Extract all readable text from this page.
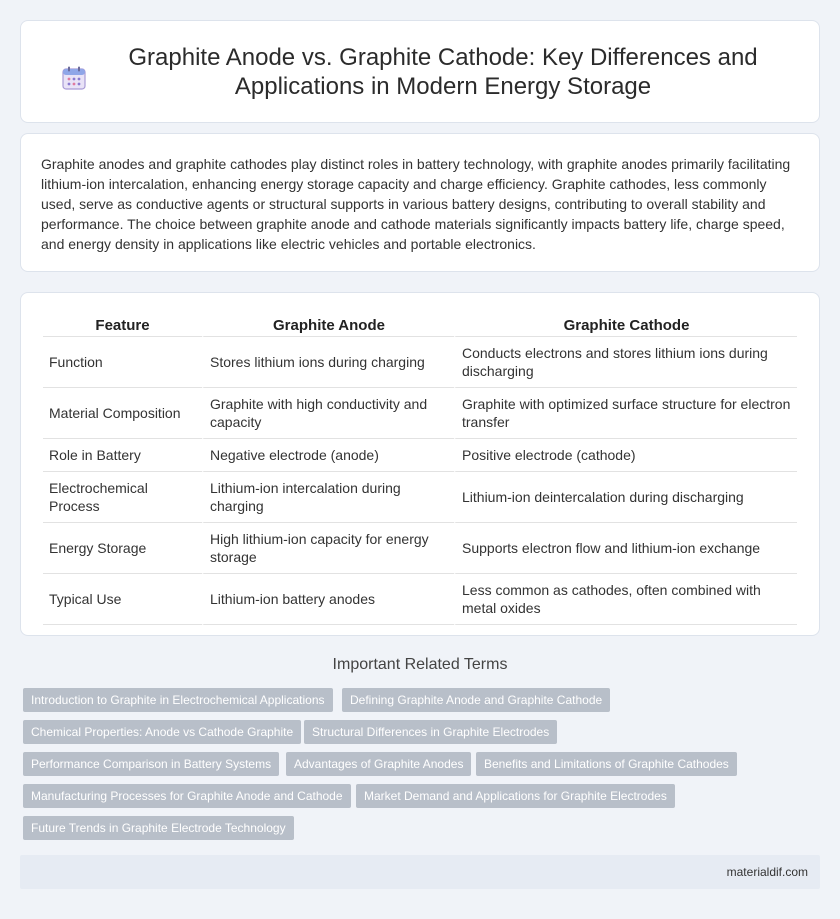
Graphite Anode vs. Graphite Cathode: Key Differences and Applications in Modern Energy Storage

Graphite anodes and graphite cathodes play distinct roles in battery technology, with graphite anodes primarily facilitating lithium-ion intercalation, enhancing energy storage capacity and charge efficiency. Graphite cathodes, less commonly used, serve as conductive agents or structural supports in various battery designs, contributing to overall stability and performance. The choice between graphite anode and cathode materials significantly impacts battery life, charge speed, and energy density in applications like electric vehicles and portable electronics.

Feature	Graphite Anode	Graphite Cathode
Function	Stores lithium ions during charging	Conducts electrons and stores lithium ions during discharging
Material Composition	Graphite with high conductivity and capacity	Graphite with optimized surface structure for electron transfer
Role in Battery	Negative electrode (anode)	Positive electrode (cathode)
Electrochemical Process	Lithium-ion intercalation during charging	Lithium-ion deintercalation during discharging
Energy Storage	High lithium-ion capacity for energy storage	Supports electron flow and lithium-ion exchange
Typical Use	Lithium-ion battery anodes	Less common as cathodes, often combined with metal oxides
Important Related Terms
Introduction to Graphite in Electrochemical Applications	Defining Graphite Anode and Graphite Cathode
Chemical Properties: Anode vs Cathode Graphite	Structural Differences in Graphite Electrodes
Performance Comparison in Battery Systems	Advantages of Graphite Anodes	Benefits and Limitations of Graphite Cathodes
Manufacturing Processes for Graphite Anode and Cathode	Market Demand and Applications for Graphite Electrodes
Future Trends in Graphite Electrode Technology
materialdif.com
